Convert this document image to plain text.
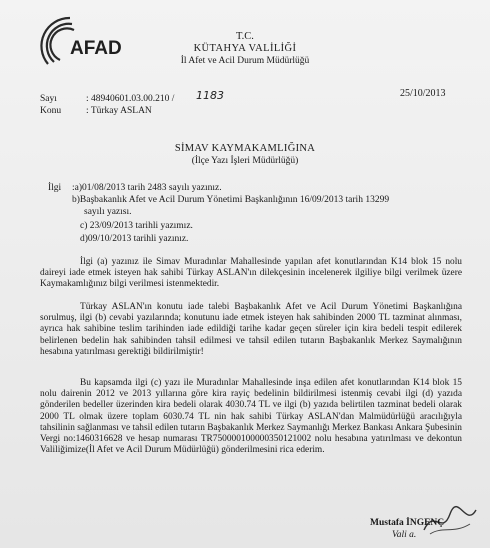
AFAD
T.C.
KÜTAHYA VALİLİĞİ
İl Afet ve Acil Durum Müdürlüğü
Sayı	: 48940601.03.00.210 / 1183	25/10/2013
Konu	: Türkay ASLAN
SİMAV KAYMAKAMLIĞINA
(İlçe Yazı İşleri Müdürlüğü)
İlgi :a)01/08/2013 tarih 2483 sayılı yazınız.
b)Başbakanlık Afet ve Acil Durum Yönetimi Başkanlığının 16/09/2013 tarih 13299
sayılı yazısı.
c) 23/09/2013 tarihli yazımız.
d)09/10/2013 tarihli yazınız.
İlgi (a) yazınız ile Simav Muradınlar Mahallesinde yapılan afet konutlarından K14 blok 15 nolu daireyi iade etmek isteyen hak sahibi Türkay ASLAN'ın dilekçesinin incelenerek ilgiliye bilgi verilmek üzere Kaymakamlığınız bilgi verilmesi istenmektedir.
Türkay ASLAN'ın konutu iade talebi Başbakanlık Afet ve Acil Durum Yönetimi Başkanlığına sorulmuş, ilgi (b) cevabi yazılarında; konutunu iade etmek isteyen hak sahibinden 2000 TL tazminat alınması, ayrıca hak sahibine teslim tarihinden iade edildiği tarihe kadar geçen süreler için kira bedeli tespit edilerek belirlenen bedelin hak sahibinden tahsil edilmesi ve tahsil edilen tutarın Başbakanlık Merkez Saymalığının hesabına yatırılması gerektiği bildirilmiştir!
Bu kapsamda ilgi (c) yazı ile Muradınlar Mahallesinde inşa edilen afet konutlarından K14 blok 15 nolu dairenin 2012 ve 2013 yıllarına göre kira rayiç bedelinin bildirilmesi istenmiş cevabi ilgi (d) yazıda gönderilen bedeller üzerinden kira bedeli olarak 4030.74 TL ve ilgi (b) yazıda belirtilen tazminat bedeli olarak 2000 TL olmak üzere toplam 6030.74 TL nin hak sahibi Türkay ASLAN'dan Malmüdürlüğü aracılığıyla tahsilinin sağlanması ve tahsil edilen tutarın Başbakanlık Merkez Saymanlığı Merkez Bankası Ankara Şubesinin Vergi no:1460316628 ve hesap numarası TR750000100000350121002 nolu hesabına yatırılması ve dekontun Valiliğimize(İl Afet ve Acil Durum Müdürlüğü) gönderilmesini rica ederim.
Mustafa İNGENÇ
Vali a.
